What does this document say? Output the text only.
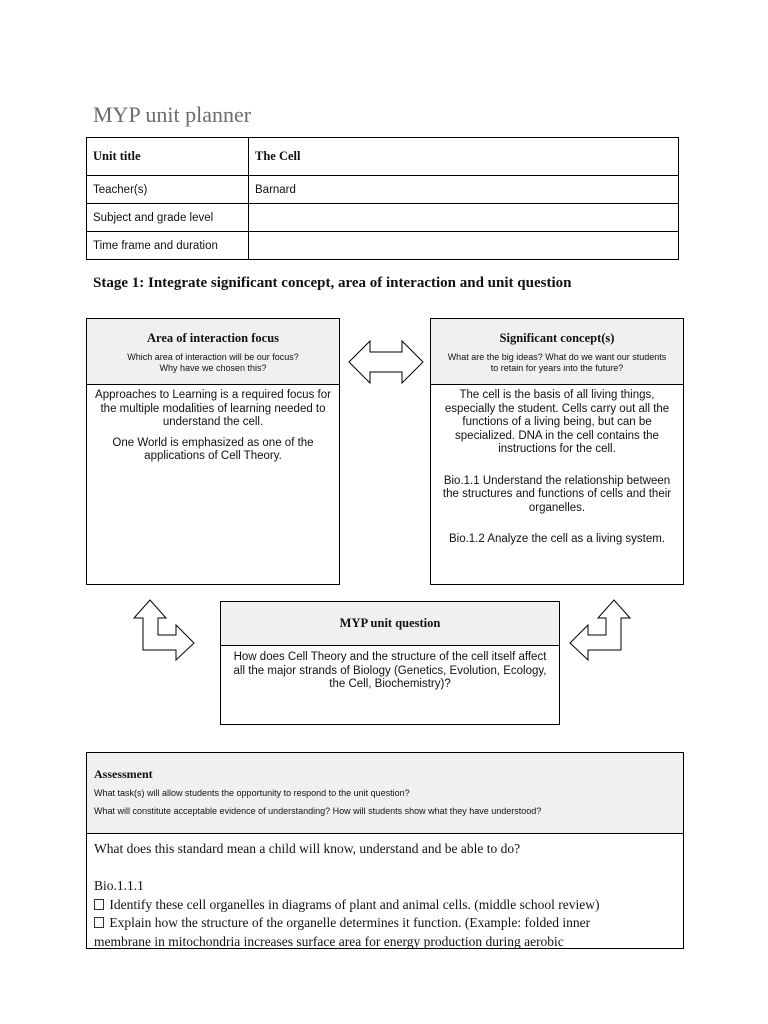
MYP unit planner
Unit title	The Cell
Teacher(s)	Barnard
Subject and grade level	
Time frame and duration	
Stage 1: Integrate significant concept, area of interaction and unit question
Area of interaction focus
Which area of interaction will be our focus?
Why have we chosen this?

Approaches to Learning is a required focus for the multiple modalities of learning needed to understand the cell.

One World is emphasized as one of the applications of Cell Theory.

Significant concept(s)
What are the big ideas? What do we want our students to retain for years into the future?

The cell is the basis of all living things, especially the student. Cells carry out all the functions of a living being, but can be specialized. DNA in the cell contains the instructions for the cell.

Bio.1.1 Understand the relationship between the structures and functions of cells and their organelles.

Bio.1.2 Analyze the cell as a living system.

MYP unit question
How does Cell Theory and the structure of the cell itself affect all the major strands of Biology (Genetics, Evolution, Ecology, the Cell, Biochemistry)?
Assessment
What task(s) will allow students the opportunity to respond to the unit question?
What will constitute acceptable evidence of understanding? How will students show what they have understood?
What does this standard mean a child will know, understand and be able to do?
Bio.1.1.1
Identify these cell organelles in diagrams of plant and animal cells. (middle school review)
Explain how the structure of the organelle determines it function. (Example: folded inner
membrane in mitochondria increases surface area for energy production during aerobic
